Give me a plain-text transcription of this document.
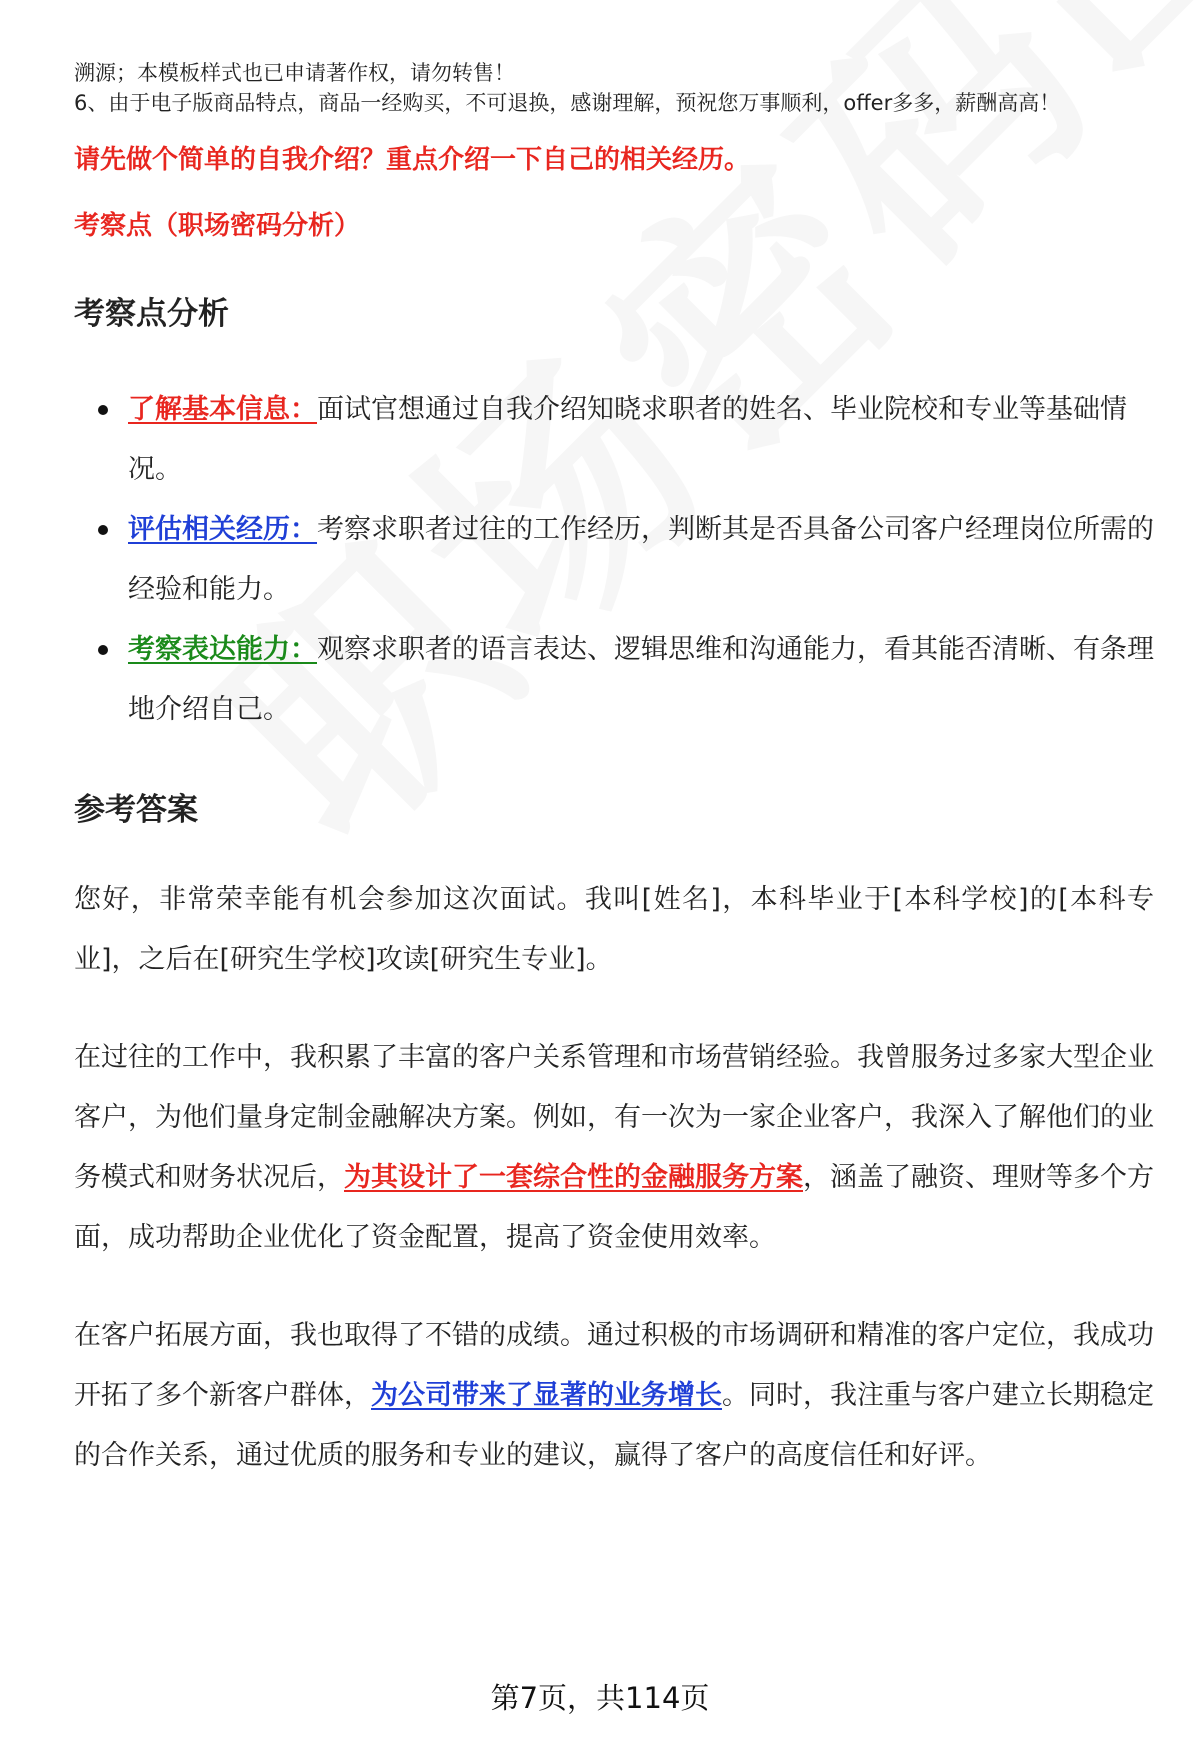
溯源；本模板样式也已申请著作权，请勿转售！

6、由于电子版商品特点，商品一经购买，不可退换，感谢理解，预祝您万事顺利，offer多多，薪酬高高！

请先做个简单的自我介绍？重点介绍一下自己的相关经历。

考察点（职场密码分析）

考察点分析
了解基本信息：面试官想通过自我介绍知晓求职者的姓名、毕业院校和专业等基础情况。
评估相关经历：考察求职者过往的工作经历，判断其是否具备公司客户经理岗位所需的经验和能力。
考察表达能力：观察求职者的语言表达、逻辑思维和沟通能力，看其能否清晰、有条理地介绍自己。
参考答案

您好，非常荣幸能有机会参加这次面试。我叫[姓名]，本科毕业于[本科学校]的[本科专业]，之后在[研究生学校]攻读[研究生专业]。

在过往的工作中，我积累了丰富的客户关系管理和市场营销经验。我曾服务过多家大型企业客户，为他们量身定制金融解决方案。例如，有一次为一家企业客户，我深入了解他们的业务模式和财务状况后，为其设计了一套综合性的金融服务方案，涵盖了融资、理财等多个方面，成功帮助企业优化了资金配置，提高了资金使用效率。

在客户拓展方面，我也取得了不错的成绩。通过积极的市场调研和精准的客户定位，我成功开拓了多个新客户群体，为公司带来了显著的业务增长。同时，我注重与客户建立长期稳定的合作关系，通过优质的服务和专业的建议，赢得了客户的高度信任和好评。

第7页，共114页
